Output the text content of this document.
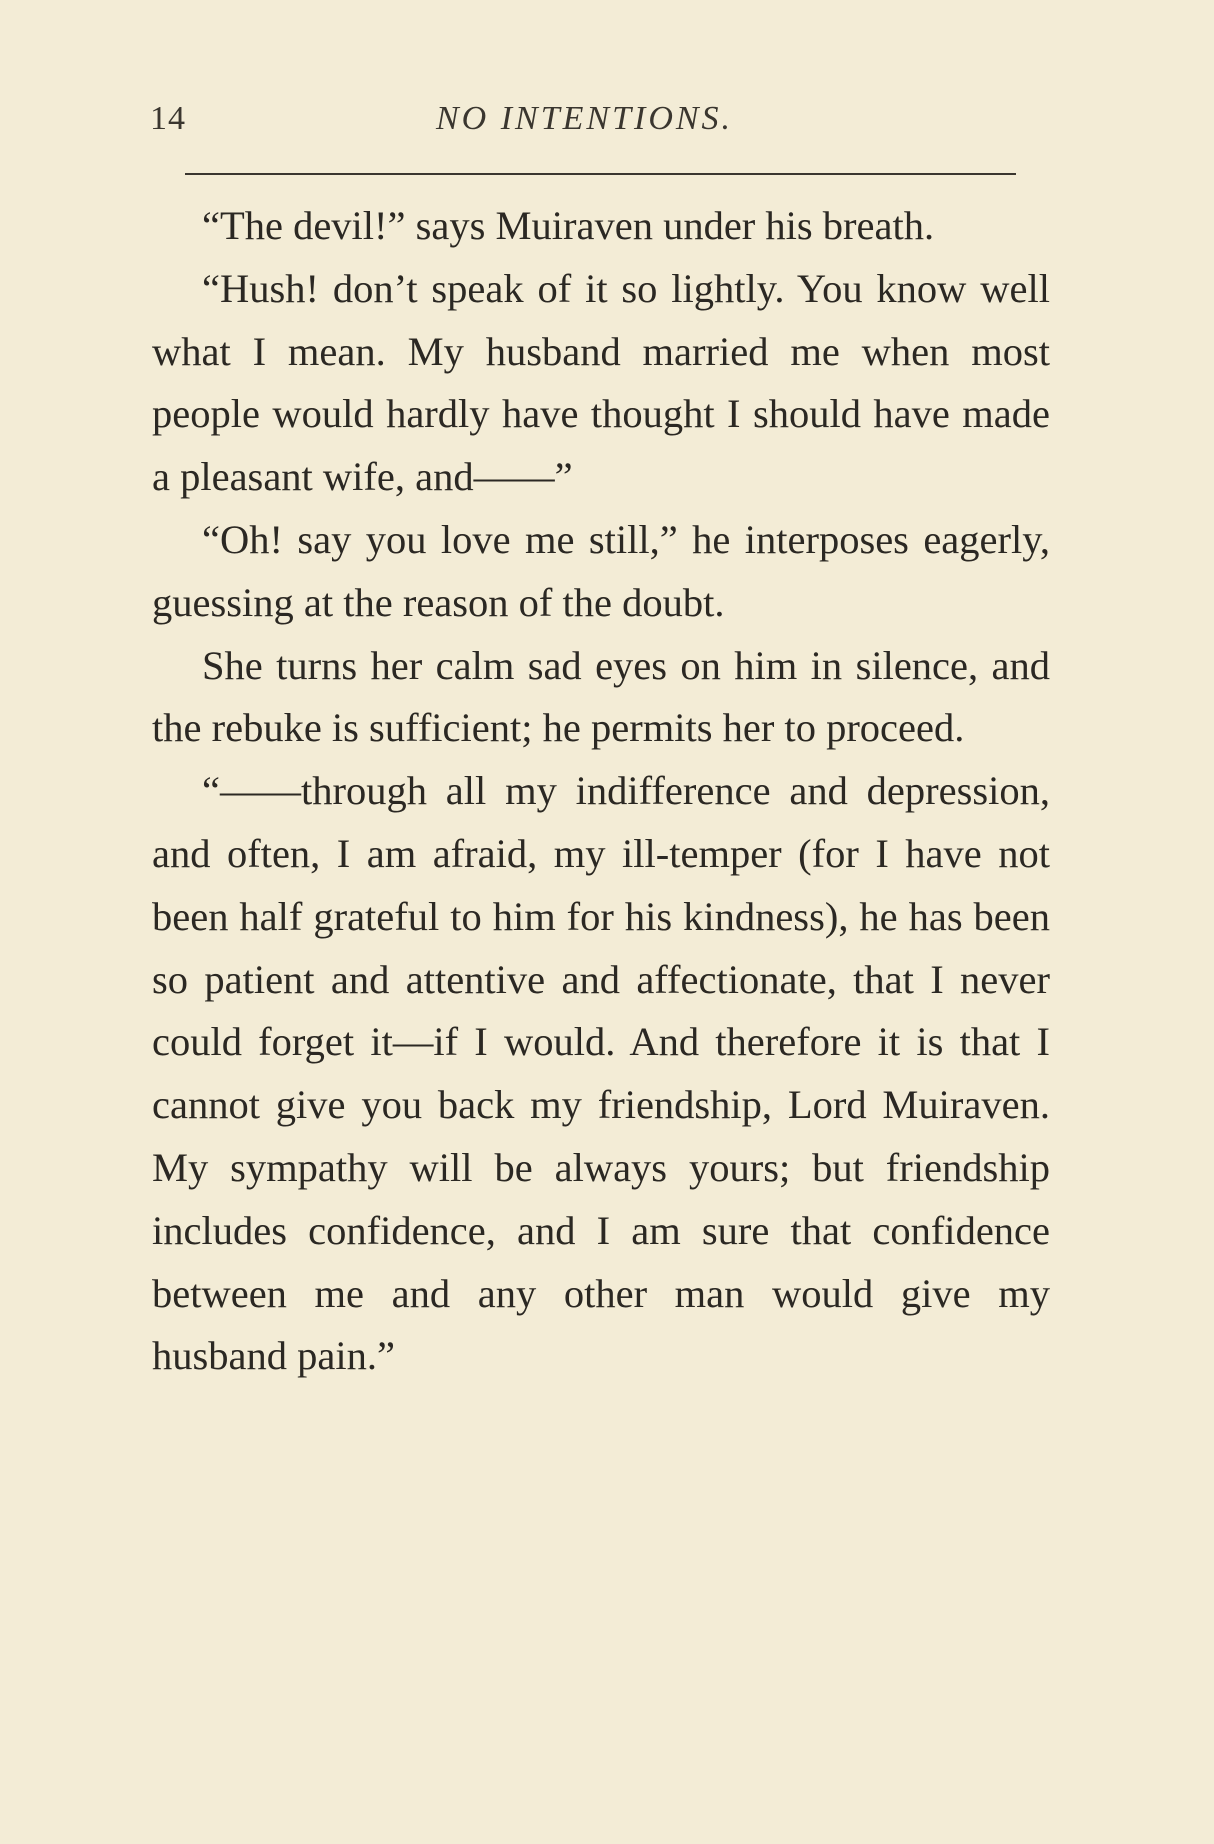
14	NO INTENTIONS.

“The devil!” says Muiraven under his breath.

“Hush! don’t speak of it so lightly. You know well what I mean. My husband married me when most people would hardly have thought I should have made a pleasant wife, and——”

“Oh! say you love me still,” he interposes eagerly, guessing at the reason of the doubt.

She turns her calm sad eyes on him in silence, and the rebuke is sufficient; he permits her to proceed.

“——through all my indifference and depression, and often, I am afraid, my ill-temper (for I have not been half grateful to him for his kindness), he has been so patient and attentive and affectionate, that I never could forget it—if I would. And therefore it is that I cannot give you back my friendship, Lord Muiraven. My sympathy will be always yours; but friendship includes confidence, and I am sure that confidence between me and any other man would give my husband pain.”
